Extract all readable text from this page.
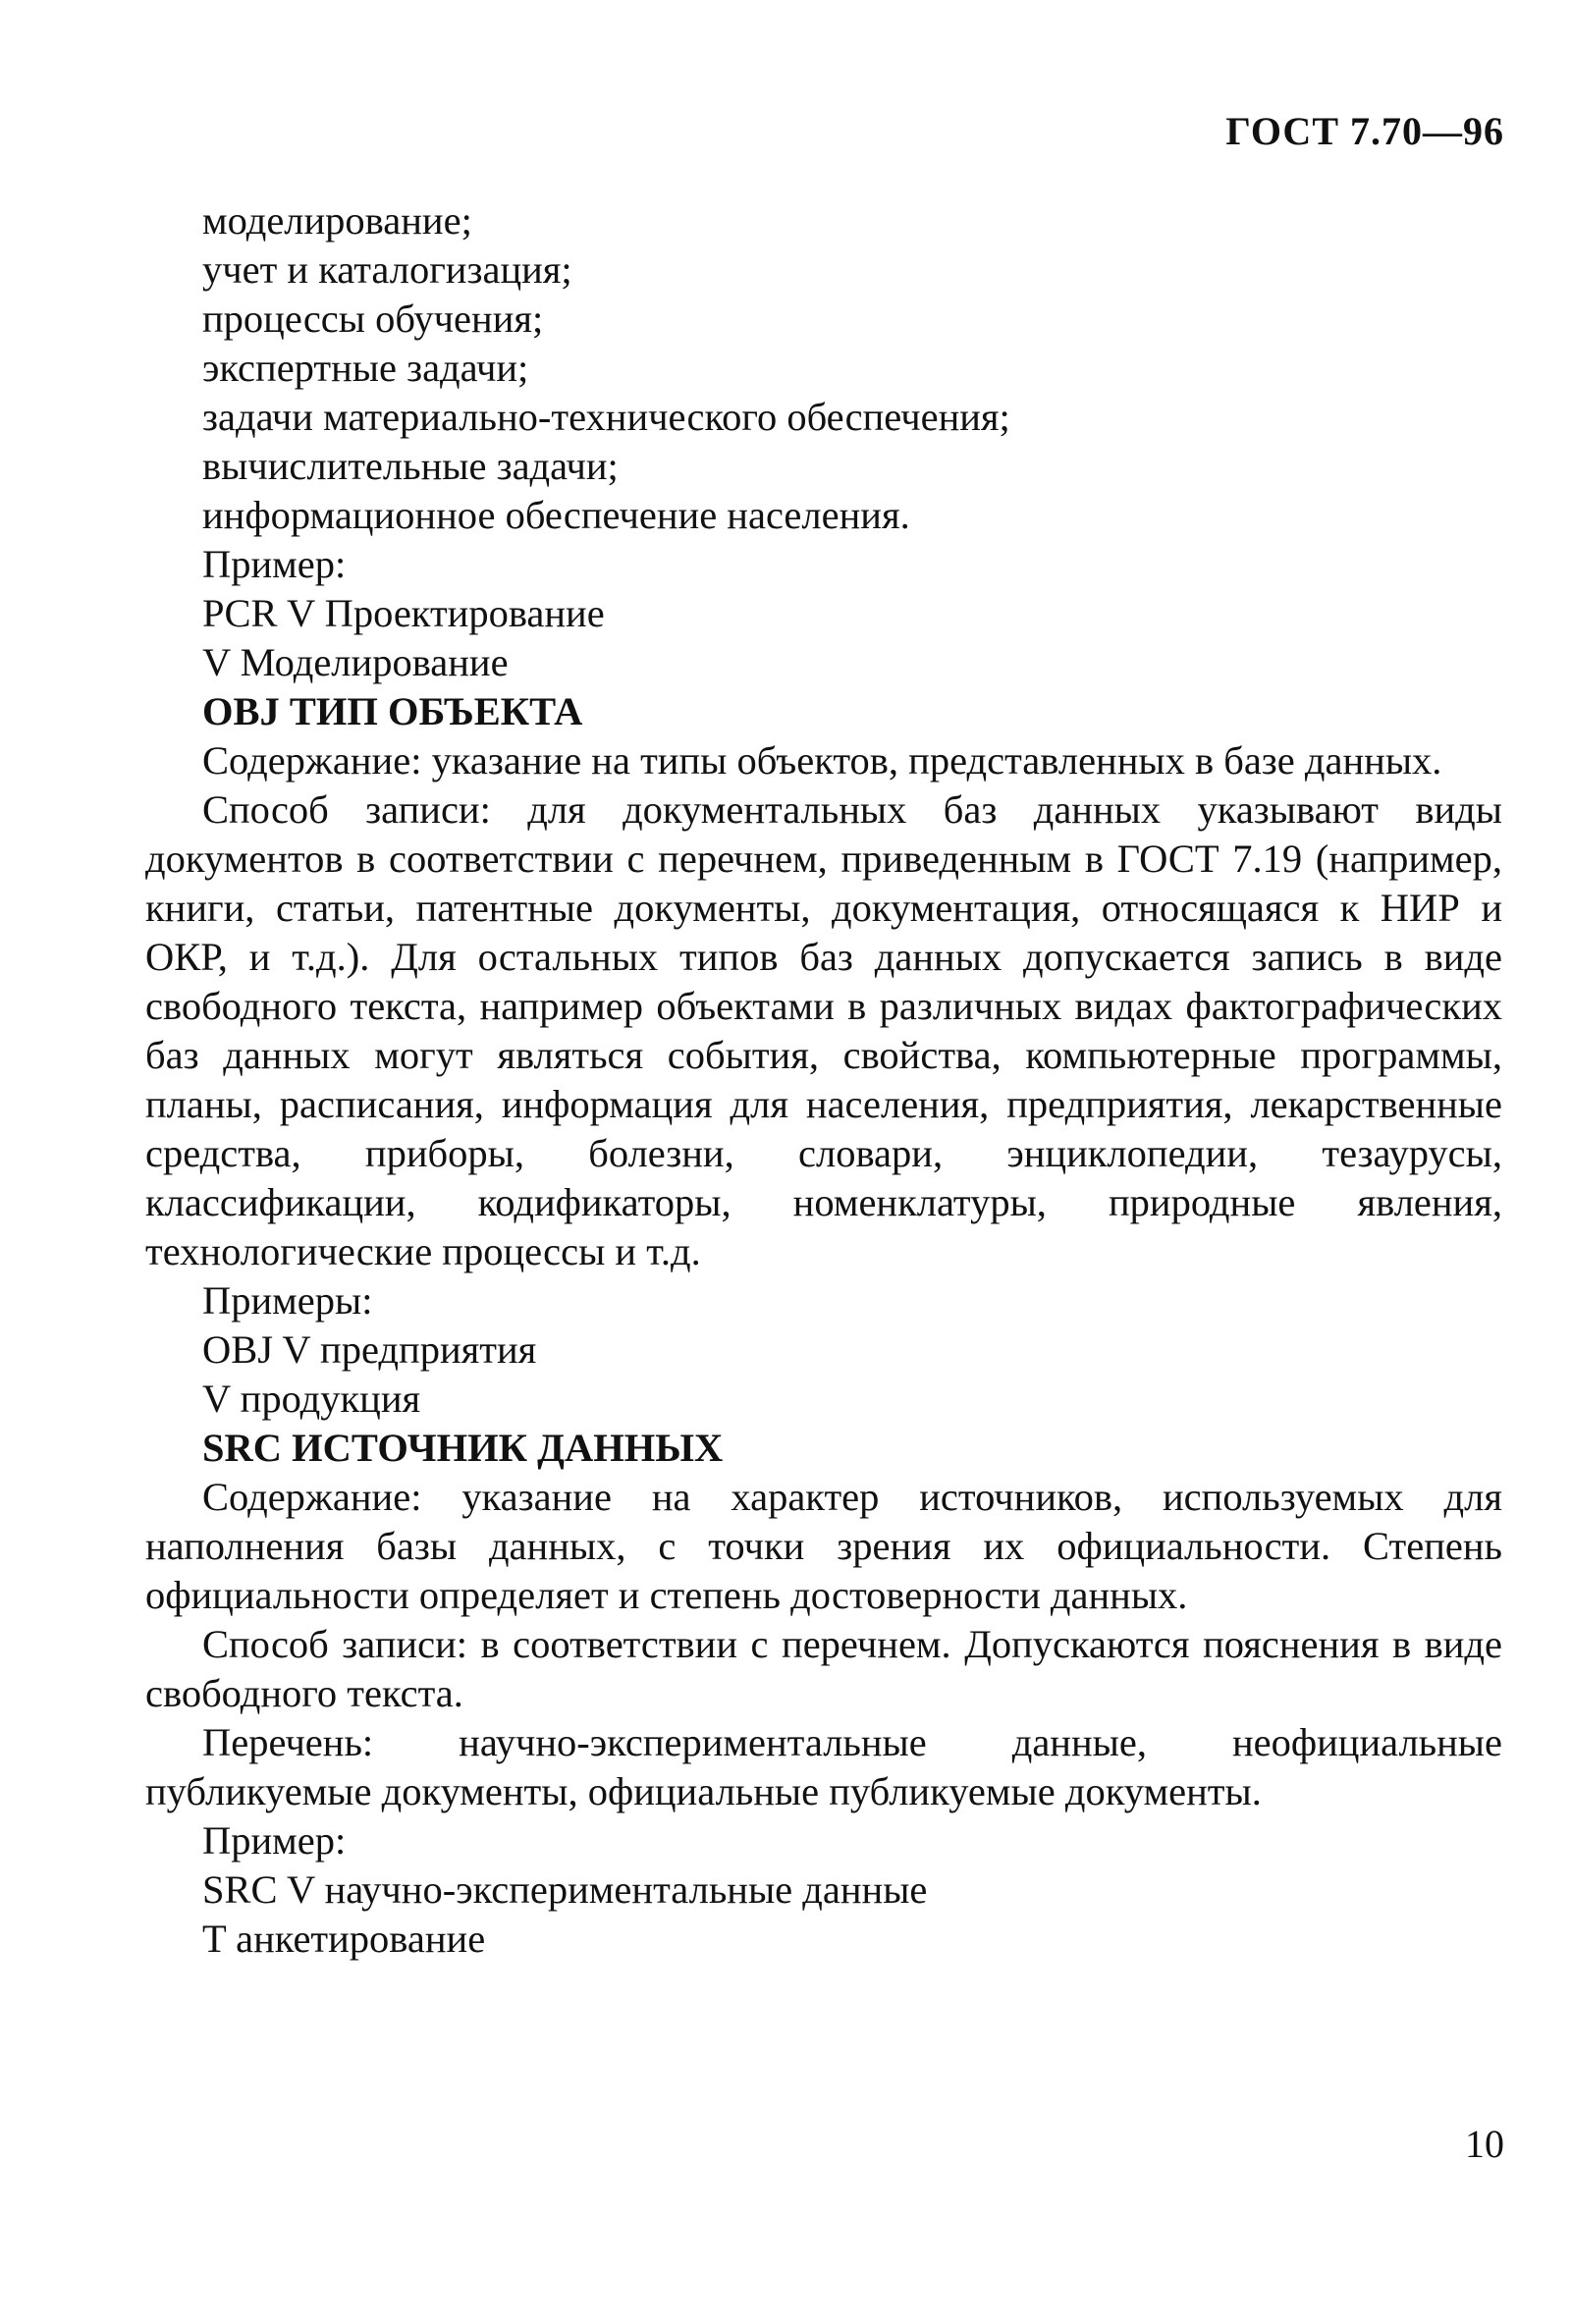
ГОСТ 7.70—96
моделирование;
учет и каталогизация;
процессы обучения;
экспертные задачи;
задачи материально-технического обеспечения;
вычислительные задачи;
информационное обеспечение населения.
Пример:
PCR V Проектирование
V Моделирование
OBJ ТИП ОБЪЕКТА
Содержание: указание на типы объектов, представленных в базе данных.
Способ записи: для документальных баз данных указывают виды документов в соответствии с перечнем, приведенным в ГОСТ 7.19 (например, книги, статьи, патентные документы, документация, относящаяся к НИР и ОКР, и т.д.). Для остальных типов баз данных допускается запись в виде свободного текста, например объектами в различных видах фактографических баз данных могут являться события, свойства, компьютерные программы, планы, расписания, информация для населения, предприятия, лекарственные средства, приборы, болезни, словари, энциклопедии, тезаурусы, классификации, кодификаторы, номенклатуры, природные явления, технологические процессы и т.д.
Примеры:
OBJ V предприятия
V продукция
SRC ИСТОЧНИК ДАННЫХ
Содержание: указание на характер источников, используемых для наполнения базы данных, с точки зрения их официальности. Степень официальности определяет и степень достоверности данных.
Способ записи: в соответствии с перечнем. Допускаются пояснения в виде свободного текста.
Перечень: научно-экспериментальные данные, неофициальные публикуемые документы, официальные публикуемые документы.
Пример:
SRC V научно-экспериментальные данные
T анкетирование
10
